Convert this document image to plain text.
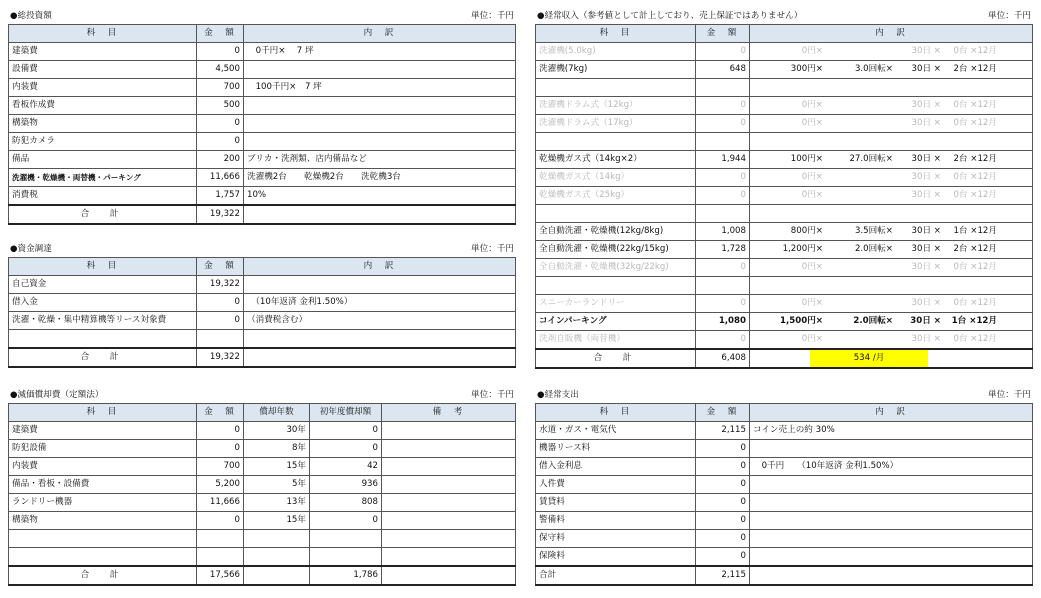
●総投資額	単位：千円
科　目	金　額	内　訳
建築費	0	　0千円×　 7 坪
設備費	4,500	
内装費	700	　100千円×　7 坪
看板作成費	500	
構築物	0	
防犯カメラ	0	
備品	200	ブリカ・洗剤類、店内備品など
洗濯機・乾燥機・両替機・パーキング	11,666	洗濯機2台　　乾燥機2台　　洗乾機3台
消費税	1,757	10%
合　計	19,322	
●資金調達	単位：千円
科　目	金　額	内　訳
自己資金	19,322	
借入金	0	　（10年返済 金利1.50%）
洗濯・乾燥・集中精算機等リース対象費	0	（消費税含む）

合　計	19,322	
●減価償却費（定額法）	単位：千円
科　目	金　額	償却年数	初年度償却額	備　考
建築費	0	30年	0	
防犯設備	0	8年	0	
内装費	700	15年	42	
備品・看板・設備費	5,200	5年	936	
ランドリー機器	11,666	13年	808	
構築物	0	15年	0	

合　計	17,566		1,786	
●経常収入（参考値として計上しており、売上保証ではありません）	単位：千円
科　目	金　額	内　訳
洗濯機(5.0kg)	0	0円× 30日 × 0台 ×12月
洗濯機(7kg)	648	300円× 3.0回転× 30日 × 2台 ×12月

洗濯機ドラム式（12kg）	0	0円× 30日 × 0台 ×12月
洗濯機ドラム式（17kg）	0	0円× 30日 × 0台 ×12月

乾燥機ガス式（14kg×2）	1,944	100円× 27.0回転× 30日 × 2台 ×12月
乾燥機ガス式（14kg）	0	0円× 30日 × 0台 ×12月
乾燥機ガス式（25kg）	0	0円× 30日 × 0台 ×12月

全自動洗濯・乾燥機(12kg/8kg)	1,008	800円× 3.5回転× 30日 × 1台 ×12月
全自動洗濯・乾燥機(22kg/15kg)	1,728	1,200円× 2.0回転× 30日 × 2台 ×12月
全自動洗濯・乾燥機(32kg/22kg)	0	0円× 30日 × 0台 ×12月

スニーカーランドリー	0	0円× 30日 × 0台 ×12月
コインパーキング	1,080	1,500円× 2.0回転× 30日 × 1台 ×12月
洗剤自販機（両替機）	0	0円× 30日 × 0台 ×12月
合　計	6,408	534 /月
●経常支出	単位：千円
科　目	金　額	内　訳
水道・ガス・電気代	2,115	コイン売上の約 30%
機器リース料	0	
借入金利息	0	　0千円　　（10年返済 金利1.50%）
人件費	0	
賃貸料	0	
警備料	0	
保守料	0	
保険料	0	
合計	2,115	
